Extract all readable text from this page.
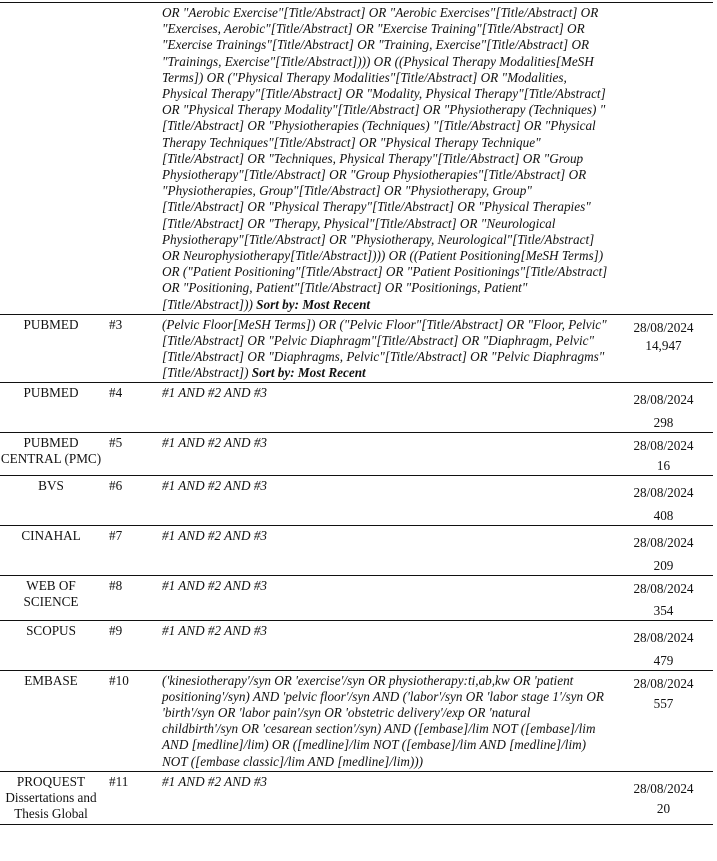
		OR "Aerobic Exercise"[Title/Abstract] OR "Aerobic Exercises"[Title/Abstract] OR "Exercises, Aerobic"[Title/Abstract] OR "Exercise Training"[Title/Abstract] OR "Exercise Trainings"[Title/Abstract] OR "Training, Exercise"[Title/Abstract] OR "Trainings, Exercise"[Title/Abstract]))) OR ((Physical Therapy Modalities[MeSH Terms]) OR ("Physical Therapy Modalities"[Title/Abstract] OR "Modalities, Physical Therapy"[Title/Abstract] OR "Modality, Physical Therapy"[Title/Abstract] OR "Physical Therapy Modality"[Title/Abstract] OR "Physiotherapy (Techniques) "[Title/Abstract] OR "Physiotherapies (Techniques) "[Title/Abstract] OR "Physical Therapy Techniques"[Title/Abstract] OR "Physical Therapy Technique"[Title/Abstract] OR "Techniques, Physical Therapy"[Title/Abstract] OR "Group Physiotherapy"[Title/Abstract] OR "Group Physiotherapies"[Title/Abstract] OR "Physiotherapies, Group"[Title/Abstract] OR "Physiotherapy, Group"[Title/Abstract] OR "Physical Therapy"[Title/Abstract] OR "Physical Therapies"[Title/Abstract] OR "Therapy, Physical"[Title/Abstract] OR "Neurological Physiotherapy"[Title/Abstract] OR "Physiotherapy, Neurological"[Title/Abstract] OR Neurophysiotherapy[Title/Abstract]))) OR ((Patient Positioning[MeSH Terms]) OR ("Patient Positioning"[Title/Abstract] OR "Patient Positionings"[Title/Abstract] OR "Positioning, Patient"[Title/Abstract] OR "Positionings, Patient"[Title/Abstract])) Sort by: Most Recent	

PUBMED	#3	(Pelvic Floor[MeSH Terms]) OR ("Pelvic Floor"[Title/Abstract] OR "Floor, Pelvic"[Title/Abstract] OR "Pelvic Diaphragm"[Title/Abstract] OR "Diaphragm, Pelvic"[Title/Abstract] OR "Diaphragms, Pelvic"[Title/Abstract] OR "Pelvic Diaphragms"[Title/Abstract]) Sort by: Most Recent	28/08/2024
14,947

PUBMED	#4	#1 AND #2 AND #3	28/08/2024
298

PUBMED CENTRAL (PMC)	#5	#1 AND #2 AND #3	28/08/2024
16

BVS	#6	#1 AND #2 AND #3	28/08/2024
408

CINAHAL	#7	#1 AND #2 AND #3	28/08/2024
209

WEB OF SCIENCE	#8	#1 AND #2 AND #3	28/08/2024
354

SCOPUS	#9	#1 AND #2 AND #3	28/08/2024
479

EMBASE	#10	('kinesiotherapy'/syn OR 'exercise'/syn OR physiotherapy:ti,ab,kw OR 'patient positioning'/syn) AND 'pelvic floor'/syn AND ('labor'/syn OR 'labor stage 1'/syn OR 'birth'/syn OR 'labor pain'/syn OR 'obstetric delivery'/exp OR 'natural childbirth'/syn OR 'cesarean section'/syn) AND ([embase]/lim NOT ([embase]/lim AND [medline]/lim) OR ([medline]/lim NOT ([embase]/lim AND [medline]/lim) NOT ([embase classic]/lim AND [medline]/lim)))	28/08/2024
557

PROQUEST Dissertations and Thesis Global	#11	#1 AND #2 AND #3	28/08/2024
20
